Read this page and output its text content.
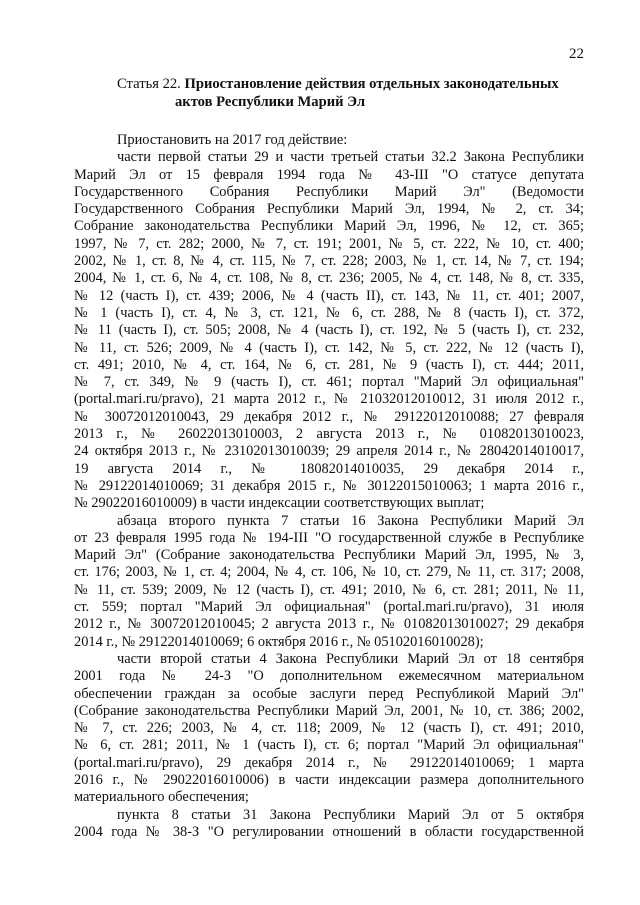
22
Статья 22. Приостановление действия отдельных законодательных
актов Республики Марий Эл
Приостановить на 2017 год действие:
части первой статьи 29 и части третьей статьи 32.2 Закона Республики
Марий Эл от 15 февраля 1994 года № 43-III "О статусе депутата
Государственного Собрания Республики Марий Эл" (Ведомости
Государственного Собрания Республики Марий Эл, 1994, № 2, ст. 34;
Собрание законодательства Республики Марий Эл, 1996, № 12, ст. 365;
1997, № 7, ст. 282; 2000, № 7, ст. 191; 2001, № 5, ст. 222, № 10, ст. 400;
2002, № 1, ст. 8, № 4, ст. 115, № 7, ст. 228; 2003, № 1, ст. 14, № 7, ст. 194;
2004, № 1, ст. 6, № 4, ст. 108, № 8, ст. 236; 2005, № 4, ст. 148, № 8, ст. 335,
№ 12 (часть I), ст. 439; 2006, № 4 (часть II), ст. 143, № 11, ст. 401; 2007,
№ 1 (часть I), ст. 4, № 3, ст. 121, № 6, ст. 288, № 8 (часть I), ст. 372,
№ 11 (часть I), ст. 505; 2008, № 4 (часть I), ст. 192, № 5 (часть I), ст. 232,
№ 11, ст. 526; 2009, № 4 (часть I), ст. 142, № 5, ст. 222, № 12 (часть I),
ст. 491; 2010, № 4, ст. 164, № 6, ст. 281, № 9 (часть I), ст. 444; 2011,
№ 7, ст. 349, № 9 (часть I), ст. 461; портал "Марий Эл официальная"
(portal.mari.ru/pravo), 21 марта 2012 г., № 21032012010012, 31 июля 2012 г.,
№ 30072012010043, 29 декабря 2012 г., № 29122012010088; 27 февраля
2013 г., № 26022013010003, 2 августа 2013 г., № 01082013010023,
24 октября 2013 г., № 23102013010039; 29 апреля 2014 г., № 28042014010017,
19 августа 2014 г., № 18082014010035, 29 декабря 2014 г.,
№ 29122014010069; 31 декабря 2015 г., № 30122015010063; 1 марта 2016 г.,
№ 29022016010009) в части индексации соответствующих выплат;
абзаца второго пункта 7 статьи 16 Закона Республики Марий Эл
от 23 февраля 1995 года № 194-III "О государственной службе в Республике
Марий Эл" (Собрание законодательства Республики Марий Эл, 1995, № 3,
ст. 176; 2003, № 1, ст. 4; 2004, № 4, ст. 106, № 10, ст. 279, № 11, ст. 317; 2008,
№ 11, ст. 539; 2009, № 12 (часть I), ст. 491; 2010, № 6, ст. 281; 2011, № 11,
ст. 559; портал "Марий Эл официальная" (portal.mari.ru/pravo), 31 июля
2012 г., № 30072012010045; 2 августа 2013 г., № 01082013010027; 29 декабря
2014 г., № 29122014010069; 6 октября 2016 г., № 05102016010028);
части второй статьи 4 Закона Республики Марий Эл от 18 сентября
2001 года № 24-З "О дополнительном ежемесячном материальном
обеспечении граждан за особые заслуги перед Республикой Марий Эл"
(Собрание законодательства Республики Марий Эл, 2001, № 10, ст. 386; 2002,
№ 7, ст. 226; 2003, № 4, ст. 118; 2009, № 12 (часть I), ст. 491; 2010,
№ 6, ст. 281; 2011, № 1 (часть I), ст. 6; портал "Марий Эл официальная"
(portal.mari.ru/pravo), 29 декабря 2014 г., № 29122014010069; 1 марта
2016 г., № 29022016010006) в части индексации размера дополнительного
материального обеспечения;
пункта 8 статьи 31 Закона Республики Марий Эл от 5 октября
2004 года № 38-З "О регулировании отношений в области государственной
